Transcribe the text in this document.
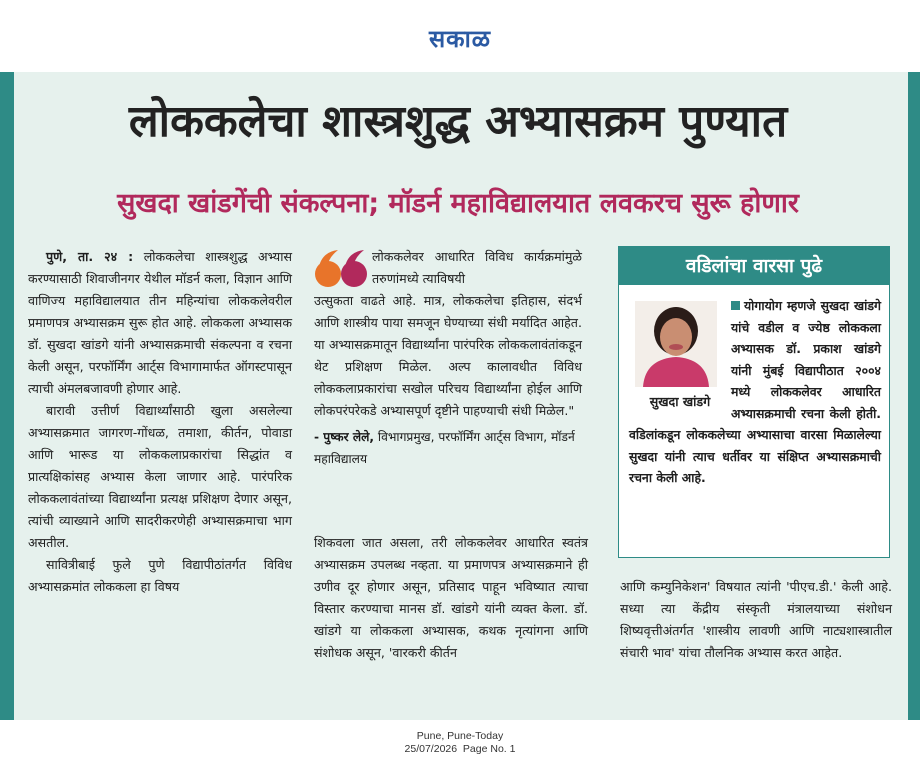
सकाळ
लोककलेचा शास्त्रशुद्ध अभ्यासक्रम पुण्यात
सुखदा खांडगेंची संकल्पना; मॉडर्न महाविद्यालयात लवकरच सुरू होणार

पुणे, ता. २४ : लोककलेचा शास्त्रशुद्ध अभ्यास करण्यासाठी शिवाजीनगर येथील मॉडर्न कला, विज्ञान आणि वाणिज्य महाविद्यालयात तीन महिन्यांचा लोककलेवरील प्रमाणपत्र अभ्यासक्रम सुरू होत आहे. लोककला अभ्यासक डॉ. सुखदा खांडगे यांनी अभ्यासक्रमाची संकल्पना व रचना केली असून, परफॉर्मिंग आर्ट्स विभागामार्फत ऑगस्टपासून त्याची अंमलबजावणी होणार आहे.

बारावी उत्तीर्ण विद्यार्थ्यांसाठी खुला असलेल्या अभ्यासक्रमात जागरण-गोंधळ, तमाशा, कीर्तन, पोवाडा आणि भारूड या लोककलाप्रकारांचा सिद्धांत व प्रात्यक्षिकांसह अभ्यास केला जाणार आहे. पारंपरिक लोककलावंतांच्या विद्यार्थ्यांना प्रत्यक्ष प्रशिक्षण देणार असून, त्यांची व्याख्याने आणि सादरीकरणेही अभ्यासक्रमाचा भाग असतील.

सावित्रीबाई फुले पुणे विद्यापीठांतर्गत विविध अभ्यासक्रमांत लोककला हा विषय

लोककलेवर आधारित विविध कार्यक्रमांमुळे तरुणांमध्ये त्याविषयी
उत्सुकता वाढते आहे. मात्र, लोककलेचा इतिहास, संदर्भ आणि शास्त्रीय पाया समजून घेण्याच्या संधी मर्यादित आहेत. या अभ्यासक्रमातून विद्यार्थ्यांना पारंपरिक लोककलावंतांकडून थेट प्रशिक्षण मिळेल. अल्प कालावधीत विविध लोककलाप्रकारांचा सखोल परिचय विद्यार्थ्यांना होईल आणि लोकपरंपरेकडे अभ्यासपूर्ण दृष्टीने पाहण्याची संधी मिळेल."
- पुष्कर लेले, विभागप्रमुख, परफॉर्मिंग आर्ट्स विभाग, मॉडर्न महाविद्यालय

शिकवला जात असला, तरी लोककलेवर आधारित स्वतंत्र अभ्यासक्रम उपलब्ध नव्हता. या प्रमाणपत्र अभ्यासक्रमाने ही उणीव दूर होणार असून, प्रतिसाद पाहून भविष्यात त्याचा विस्तार करण्याचा मानस डॉ. खांडगे यांनी व्यक्त केला. डॉ. खांडगे या लोककला अभ्यासक, कथक नृत्यांगना आणि संशोधक असून, 'वारकरी कीर्तन

वडिलांचा वारसा पुढे
योगायोग म्हणजे सुखदा खांडगे यांचे वडील व ज्येष्ठ लोककला अभ्यासक डॉ. प्रकाश खांडगे यांनी मुंबई विद्यापीठात २००४ मध्ये लोककलेवर आधारित अभ्यासक्रमाची रचना केली होती. वडिलांकडून लोककलेच्या अभ्यासाचा वारसा मिळालेल्या सुखदा यांनी त्याच धर्तीवर या संक्षिप्त अभ्यासक्रमाची रचना केली आहे.
सुखदा खांडगे

आणि कम्युनिकेशन' विषयात त्यांनी 'पीएच.डी.' केली आहे. सध्या त्या केंद्रीय संस्कृती मंत्रालयाच्या संशोधन शिष्यवृत्तीअंतर्गत 'शास्त्रीय लावणी आणि नाट्यशास्त्रातील संचारी भाव' यांचा तौलनिक अभ्यास करत आहेत.

Pune, Pune-Today
25/07/2026  Page No. 1
